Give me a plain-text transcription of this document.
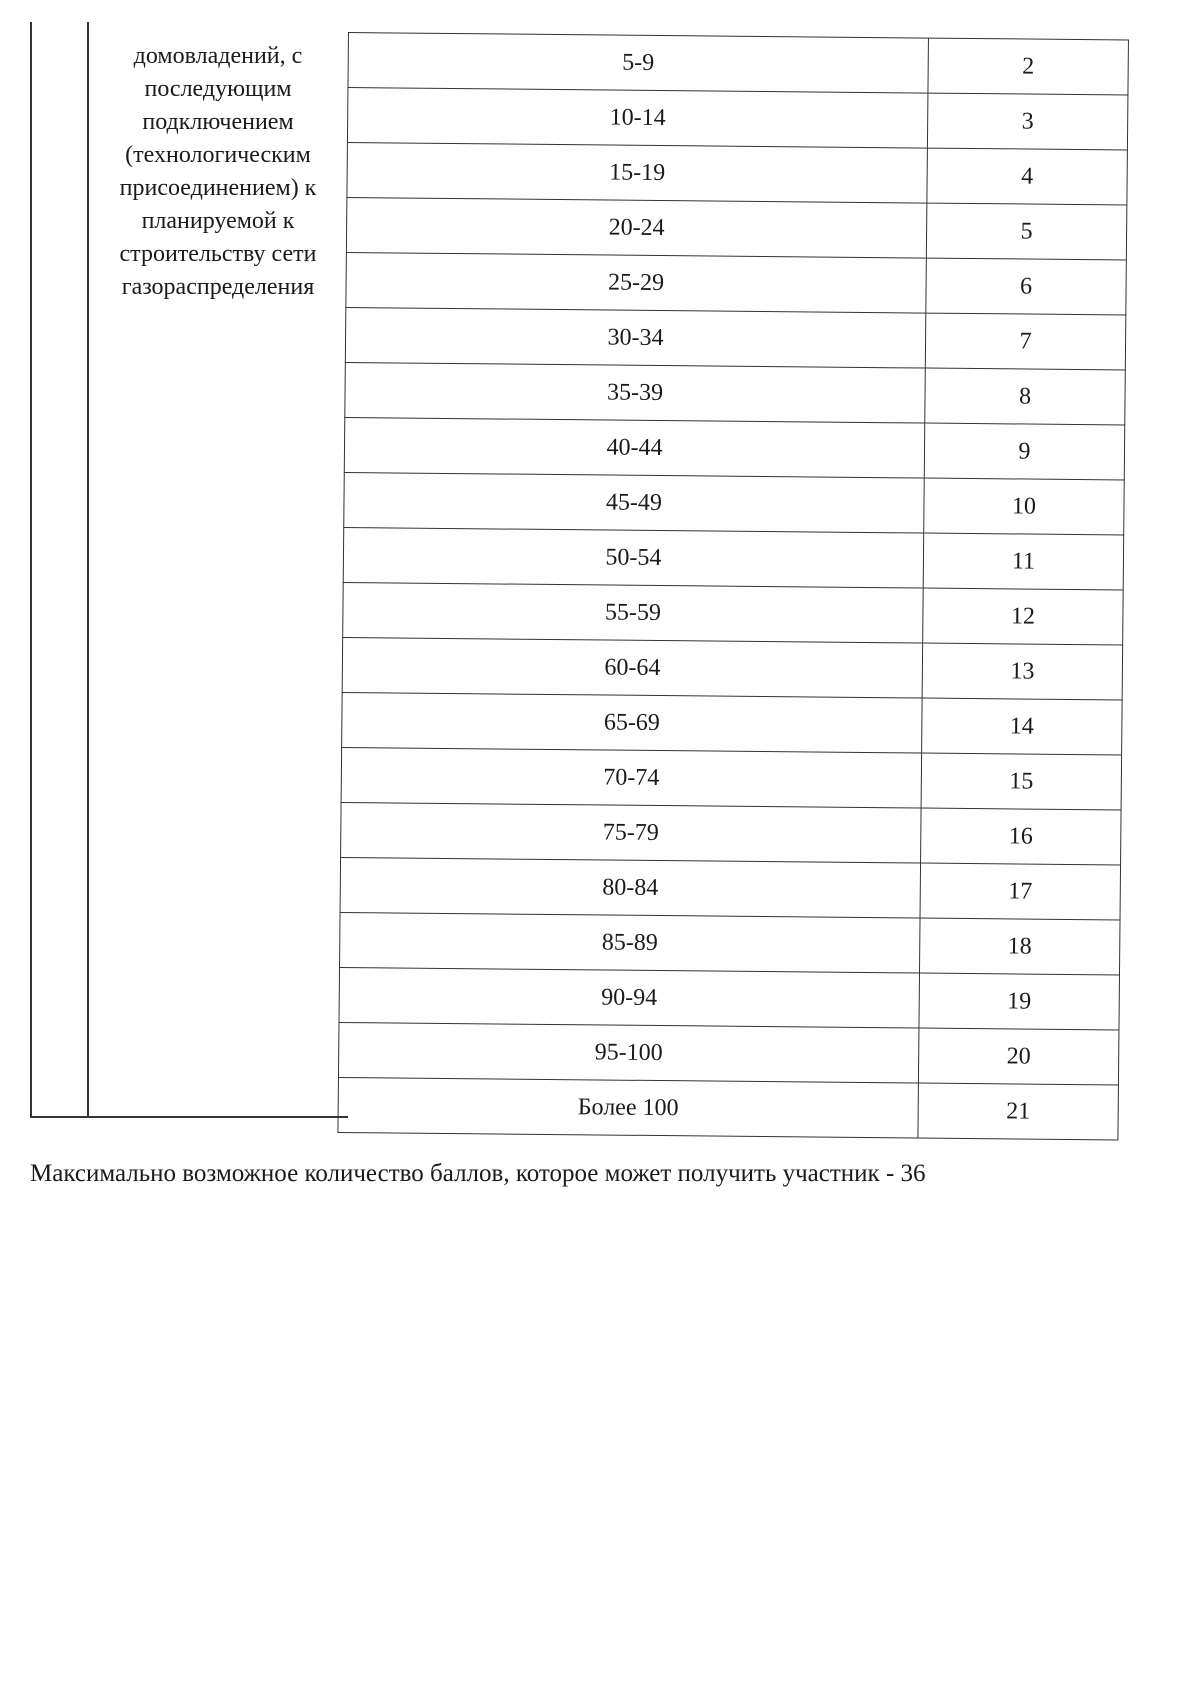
домовладений, с
последующим
подключением
(технологическим
присоединением) к
планируемой к
строительству сети
газораспределения
5-9	2
10-14	3
15-19	4
20-24	5
25-29	6
30-34	7
35-39	8
40-44	9
45-49	10
50-54	11
55-59	12
60-64	13
65-69	14
70-74	15
75-79	16
80-84	17
85-89	18
90-94	19
95-100	20
Более 100	21
Максимально возможное количество баллов, которое может получить участник - 36
